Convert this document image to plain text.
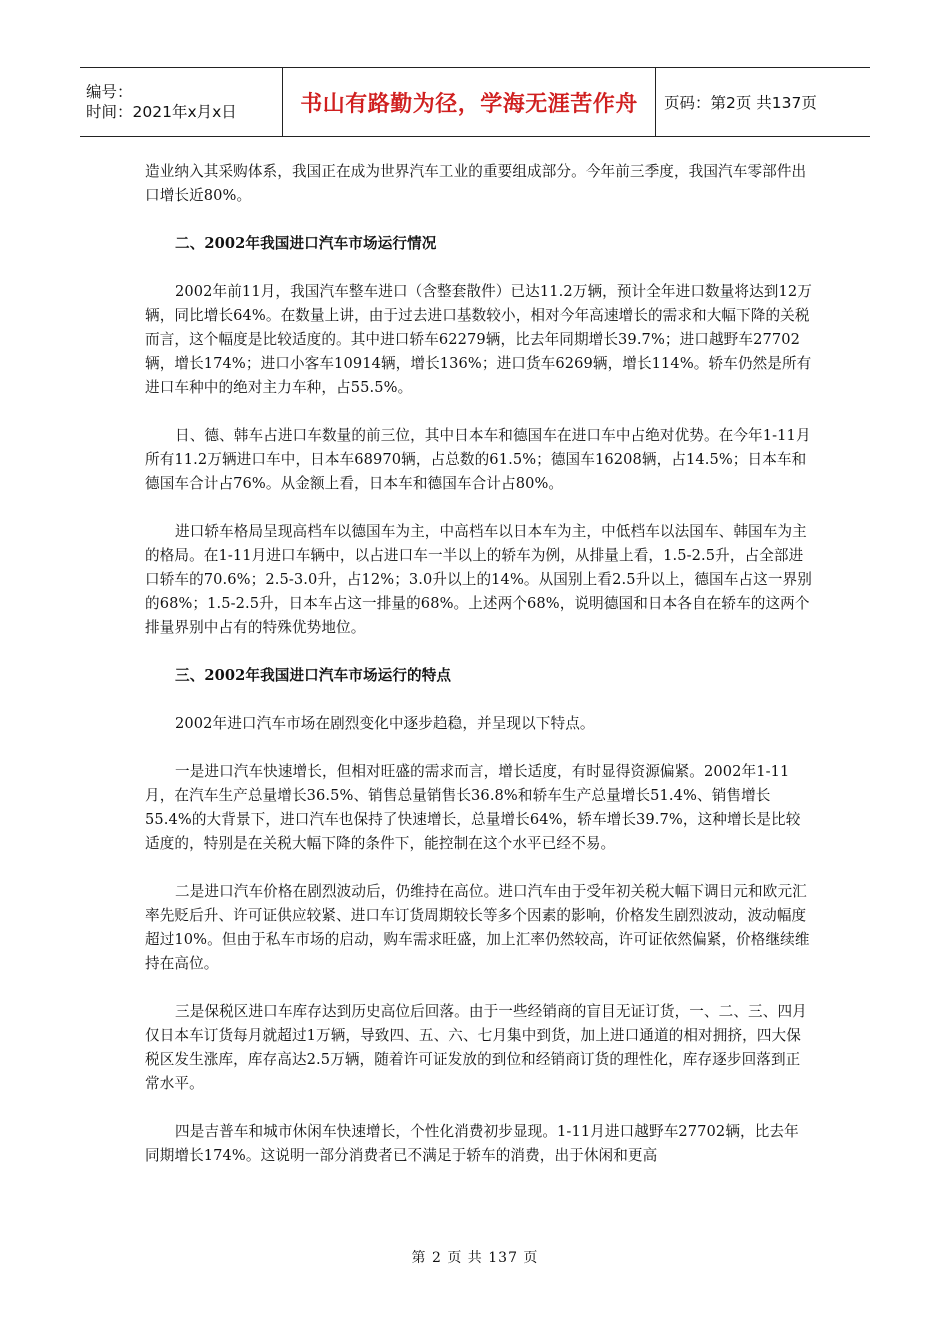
编号：
时间：2021年x月x日	书山有路勤为径，学海无涯苦作舟	页码：第2页 共137页

造业纳入其采购体系，我国正在成为世界汽车工业的重要组成部分。今年前三季度，我国汽车零部件出口增长近80%。

二、2002年我国进口汽车市场运行情况

2002年前11月，我国汽车整车进口（含整套散件）已达11.2万辆，预计全年进口数量将达到12万辆，同比增长64%。在数量上讲，由于过去进口基数较小，相对今年高速增长的需求和大幅下降的关税而言，这个幅度是比较适度的。其中进口轿车62279辆，比去年同期增长39.7%；进口越野车27702辆，增长174%；进口小客车10914辆，增长136%；进口货车6269辆，增长114%。轿车仍然是所有进口车种中的绝对主力车种，占55.5%。

日、德、韩车占进口车数量的前三位，其中日本车和德国车在进口车中占绝对优势。在今年1-11月所有11.2万辆进口车中，日本车68970辆，占总数的61.5%；德国车16208辆，占14.5%；日本车和德国车合计占76%。从金额上看，日本车和德国车合计占80%。

进口轿车格局呈现高档车以德国车为主，中高档车以日本车为主，中低档车以法国车、韩国车为主的格局。在1-11月进口车辆中，以占进口车一半以上的轿车为例，从排量上看，1.5-2.5升，占全部进口轿车的70.6%；2.5-3.0升，占12%；3.0升以上的14%。从国别上看2.5升以上，德国车占这一界别的68%；1.5-2.5升，日本车占这一排量的68%。上述两个68%，说明德国和日本各自在轿车的这两个排量界别中占有的特殊优势地位。

三、2002年我国进口汽车市场运行的特点

2002年进口汽车市场在剧烈变化中逐步趋稳，并呈现以下特点。

一是进口汽车快速增长，但相对旺盛的需求而言，增长适度，有时显得资源偏紧。2002年1-11月，在汽车生产总量增长36.5%、销售总量销售长36.8%和轿车生产总量增长51.4%、销售增长55.4%的大背景下，进口汽车也保持了快速增长，总量增长64%，轿车增长39.7%，这种增长是比较适度的，特别是在关税大幅下降的条件下，能控制在这个水平已经不易。

二是进口汽车价格在剧烈波动后，仍维持在高位。进口汽车由于受年初关税大幅下调日元和欧元汇率先贬后升、许可证供应较紧、进口车订货周期较长等多个因素的影响，价格发生剧烈波动，波动幅度超过10%。但由于私车市场的启动，购车需求旺盛，加上汇率仍然较高，许可证依然偏紧，价格继续维持在高位。

三是保税区进口车库存达到历史高位后回落。由于一些经销商的盲目无证订货，一、二、三、四月仅日本车订货每月就超过1万辆，导致四、五、六、七月集中到货，加上进口通道的相对拥挤，四大保税区发生涨库，库存高达2.5万辆，随着许可证发放的到位和经销商订货的理性化，库存逐步回落到正常水平。

四是吉普车和城市休闲车快速增长，个性化消费初步显现。1-11月进口越野车27702辆，比去年同期增长174%。这说明一部分消费者已不满足于轿车的消费，出于休闲和更高

第 2 页 共 137 页
